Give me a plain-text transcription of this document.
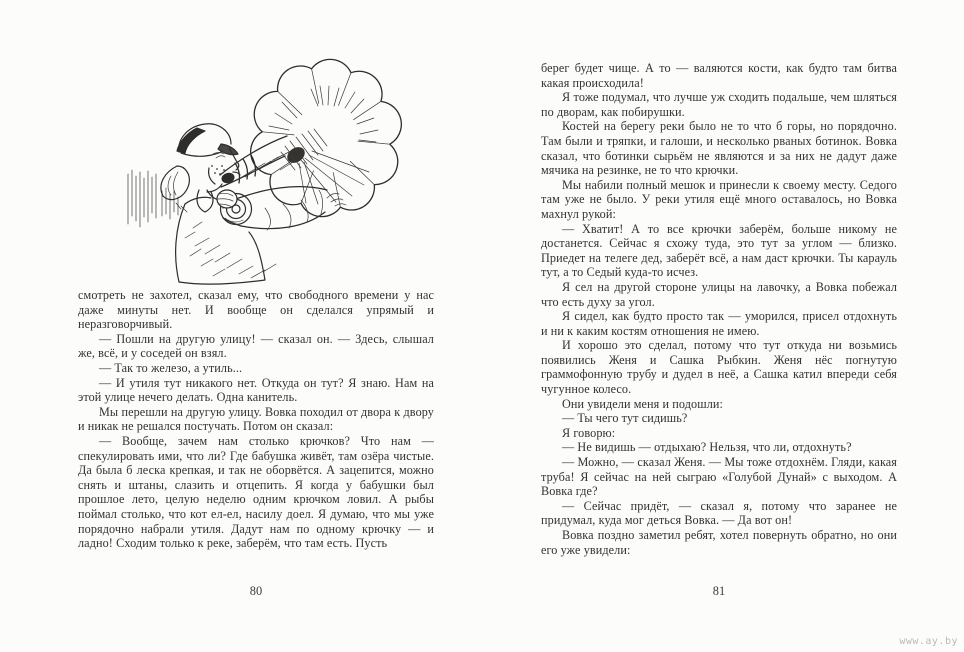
смотреть не захотел, сказал ему, что свободного времени у нас даже минуты нет. И вообще он сделался упрямый и неразговорчивый.

— Пошли на другую улицу! — сказал он. — Здесь, слышал же, всё, и у соседей он взял.

— Так то железо, а утиль...

— И утиля тут никакого нет. Откуда он тут? Я знаю. Нам на этой улице нечего делать. Одна канитель.

Мы перешли на другую улицу. Вовка походил от двора к двору и никак не решался постучать. Потом он сказал:

— Вообще, зачем нам столько крючков? Что нам — спекулировать ими, что ли? Где бабушка живёт, там озёра чистые. Да была б леска крепкая, и так не оборвётся. А зацепится, можно снять и штаны, слазить и отцепить. Я когда у бабушки был прошлое лето, целую неделю одним крючком ловил. А рыбы поймал столько, что кот ел-ел, насилу доел. Я думаю, что мы уже порядочно набрали утиля. Дадут нам по одному крючку — и ладно! Сходим только к реке, заберём, что там есть. Пусть

80

берег будет чище. А то — валяются кости, как будто там битва какая происходила!

Я тоже подумал, что лучше уж сходить подальше, чем шляться по дворам, как побирушки.

Костей на берегу реки было не то что б горы, но порядочно. Там были и тряпки, и галоши, и несколько рваных ботинок. Вовка сказал, что ботинки сырьём не являются и за них не дадут даже мячика на резинке, не то что крючки.

Мы набили полный мешок и принесли к своему месту. Седого там уже не было. У реки утиля ещё много оставалось, но Вовка махнул рукой:

— Хватит! А то все крючки заберём, больше никому не достанется. Сейчас я схожу туда, это тут за углом — близко. Приедет на телеге дед, заберёт всё, а нам даст крючки. Ты карауль тут, а то Седый куда-то исчез.

Я сел на другой стороне улицы на лавочку, а Вовка побежал что есть духу за угол.

Я сидел, как будто просто так — уморился, присел отдохнуть и ни к каким костям отношения не имею.

И хорошо это сделал, потому что тут откуда ни возьмись появились Женя и Сашка Рыбкин. Женя нёс погнутую граммофонную трубу и дудел в неё, а Сашка катил впереди себя чугунное колесо.

Они увидели меня и подошли:

— Ты чего тут сидишь?

Я говорю:

— Не видишь — отдыхаю? Нельзя, что ли, отдохнуть?

— Можно, — сказал Женя. — Мы тоже отдохнём. Гляди, какая труба! Я сейчас на ней сыграю «Голубой Дунай» с выходом. А Вовка где?

— Сейчас придёт, — сказал я, потому что заранее не придумал, куда мог деться Вовка. — Да вот он!

Вовка поздно заметил ребят, хотел повернуть обратно, но они его уже увидели:

81
www.ay.by
